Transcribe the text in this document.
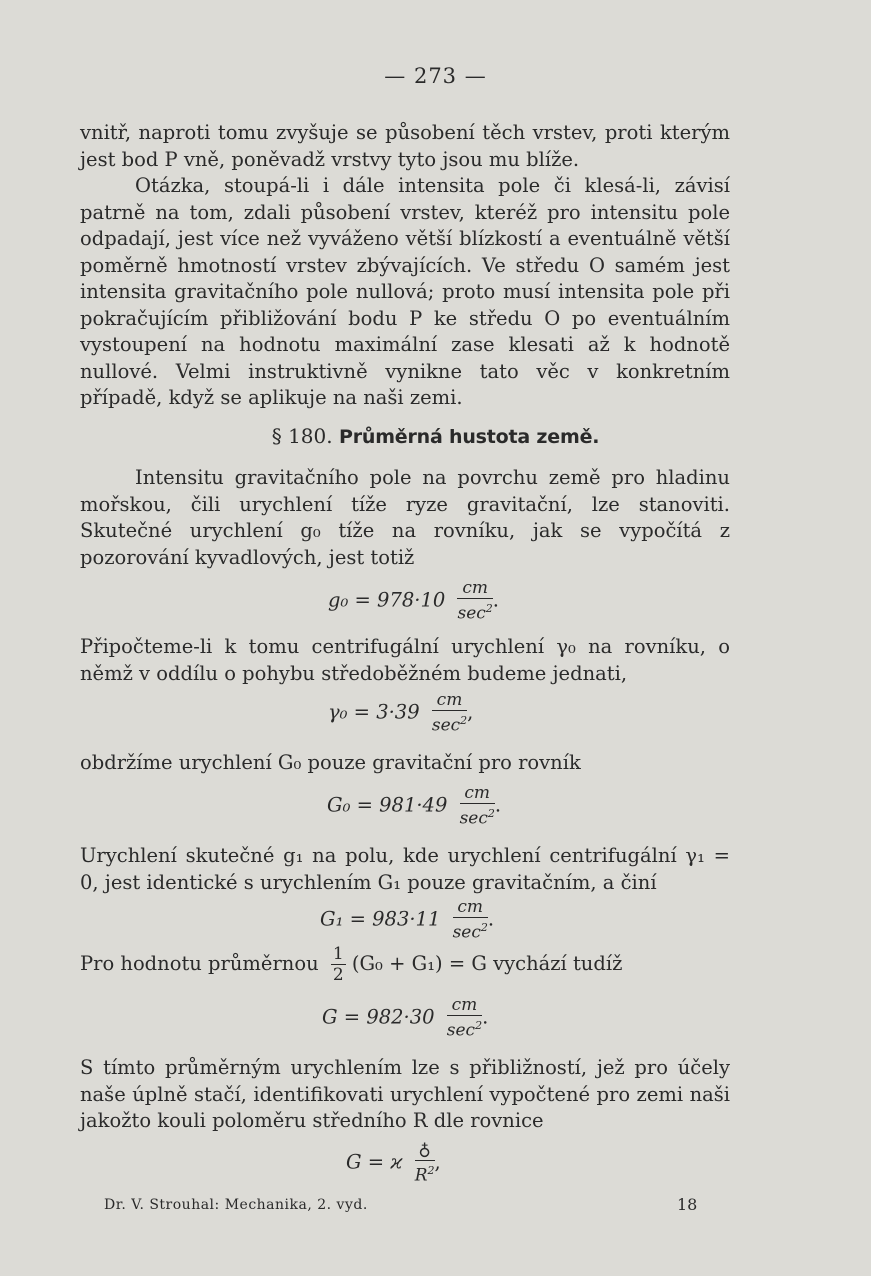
— 273 —

vnitř, naproti tomu zvyšuje se působení těch vrstev, proti kterým jest bod P vně, poněvadž vrstvy tyto jsou mu blíže.

Otázka, stoupá-li i dále intensita pole či klesá-li, závisí patrně na tom, zdali působení vrstev, kteréž pro intensitu pole odpadají, jest více než vyváženo větší blízkostí a eventuálně větší poměrně hmotností vrstev zbývajících. Ve středu O samém jest intensita gravitačního pole nullová; proto musí intensita pole při pokračujícím přibližování bodu P ke středu O po eventuálním vystoupení na hodnotu maximální zase klesati až k hodnotě nullové. Velmi instruktivně vynikne tato věc v konkretním případě, když se aplikuje na naši zemi.

§ 180. Průměrná hustota země.

Intensitu gravitačního pole na povrchu země pro hladinu mořskou, čili urychlení tíže ryze gravitační, lze stanoviti. Skutečné urychlení g₀ tíže na rovníku, jak se vypočítá z pozorování kyvadlových, jest totiž

$g_0 = 978\cdot 10 \frac{cm}{\sec^2}$ .

Připočteme-li k tomu centrifugální urychlení γ₀ na rovníku, o němž v oddílu o pohybu středoběžném budeme jednati,

$\gamma_0 = 3\cdot 39 \frac{cm}{\sec^2}$ ,

obdržíme urychlení G₀ pouze gravitační pro rovník

$G_0 = 981\cdot 49 \frac{cm}{\sec^2}$ .

Urychlení skutečné g₁ na polu, kde urychlení centrifugální γ₁ = 0, jest identické s urychlením G₁ pouze gravitačním, a činí

$G_1 = 983\cdot 11 \frac{cm}{\sec^2}$ .
Pro hodnotu průměrnou $\frac{1}{2} (G_0 + G_1) = G$ vychází tudíž
$G = 982\cdot 30 \frac{cm}{\sec^2}$ .

S tímto průměrným urychlením lze s přibližností, jež pro účely naše úplně stačí, identifikovati urychlení vypočtené pro zemi naši jakožto kouli poloměru středního R dle rovnice

G = ϰ $\frac{♁}{R^2}$ ,
Dr. V. Strouhal: Mechanika, 2. vyd.	18
